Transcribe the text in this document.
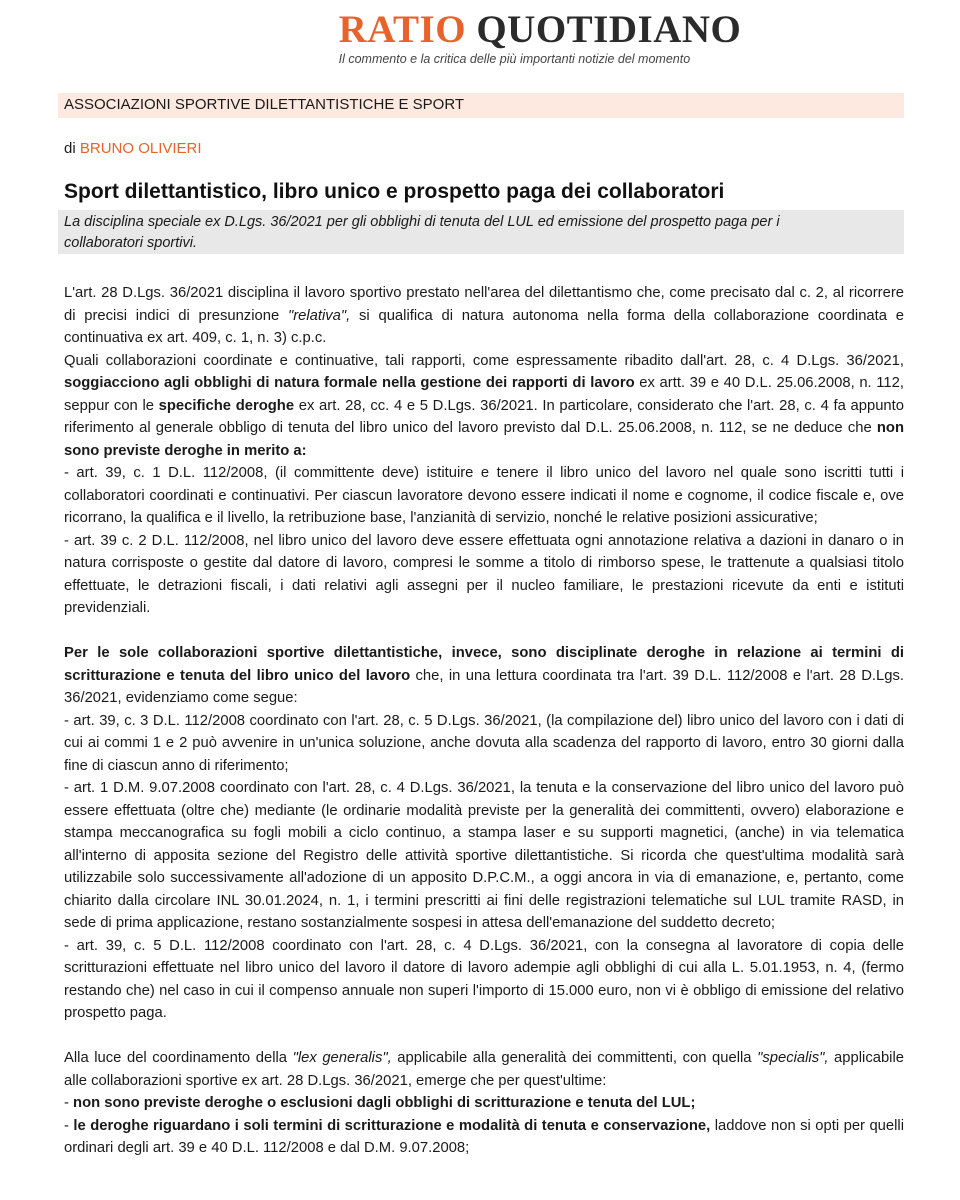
RATIO QUOTIDIANO
Il commento e la critica delle più importanti notizie del momento
ASSOCIAZIONI SPORTIVE DILETTANTISTICHE E SPORT
di BRUNO OLIVIERI
Sport dilettantistico, libro unico e prospetto paga dei collaboratori
La disciplina speciale ex D.Lgs. 36/2021 per gli obblighi di tenuta del LUL ed emissione del prospetto paga per i collaboratori sportivi.

L'art. 28 D.Lgs. 36/2021 disciplina il lavoro sportivo prestato nell'area del dilettantismo che, come precisato dal c. 2, al ricorrere di precisi indici di presunzione "relativa", si qualifica di natura autonoma nella forma della collaborazione coordinata e continuativa ex art. 409, c. 1, n. 3) c.p.c.

Quali collaborazioni coordinate e continuative, tali rapporti, come espressamente ribadito dall'art. 28, c. 4 D.Lgs. 36/2021, soggiacciono agli obblighi di natura formale nella gestione dei rapporti di lavoro ex artt. 39 e 40 D.L. 25.06.2008, n. 112, seppur con le specifiche deroghe ex art. 28, cc. 4 e 5 D.Lgs. 36/2021. In particolare, considerato che l'art. 28, c. 4 fa appunto riferimento al generale obbligo di tenuta del libro unico del lavoro previsto dal D.L. 25.06.2008, n. 112, se ne deduce che non sono previste deroghe in merito a:

- art. 39, c. 1 D.L. 112/2008, (il committente deve) istituire e tenere il libro unico del lavoro nel quale sono iscritti tutti i collaboratori coordinati e continuativi. Per ciascun lavoratore devono essere indicati il nome e cognome, il codice fiscale e, ove ricorrano, la qualifica e il livello, la retribuzione base, l'anzianità di servizio, nonché le relative posizioni assicurative;

- art. 39 c. 2 D.L. 112/2008, nel libro unico del lavoro deve essere effettuata ogni annotazione relativa a dazioni in danaro o in natura corrisposte o gestite dal datore di lavoro, compresi le somme a titolo di rimborso spese, le trattenute a qualsiasi titolo effettuate, le detrazioni fiscali, i dati relativi agli assegni per il nucleo familiare, le prestazioni ricevute da enti e istituti previdenziali.

Per le sole collaborazioni sportive dilettantistiche, invece, sono disciplinate deroghe in relazione ai termini di scritturazione e tenuta del libro unico del lavoro che, in una lettura coordinata tra l'art. 39 D.L. 112/2008 e l'art. 28 D.Lgs. 36/2021, evidenziamo come segue:

- art. 39, c. 3 D.L. 112/2008 coordinato con l'art. 28, c. 5 D.Lgs. 36/2021, (la compilazione del) libro unico del lavoro con i dati di cui ai commi 1 e 2 può avvenire in un'unica soluzione, anche dovuta alla scadenza del rapporto di lavoro, entro 30 giorni dalla fine di ciascun anno di riferimento;

- art. 1 D.M. 9.07.2008 coordinato con l'art. 28, c. 4 D.Lgs. 36/2021, la tenuta e la conservazione del libro unico del lavoro può essere effettuata (oltre che) mediante (le ordinarie modalità previste per la generalità dei committenti, ovvero) elaborazione e stampa meccanografica su fogli mobili a ciclo continuo, a stampa laser e su supporti magnetici, (anche) in via telematica all'interno di apposita sezione del Registro delle attività sportive dilettantistiche. Si ricorda che quest'ultima modalità sarà utilizzabile solo successivamente all'adozione di un apposito D.P.C.M., a oggi ancora in via di emanazione, e, pertanto, come chiarito dalla circolare INL 30.01.2024, n. 1, i termini prescritti ai fini delle registrazioni telematiche sul LUL tramite RASD, in sede di prima applicazione, restano sostanzialmente sospesi in attesa dell'emanazione del suddetto decreto;

- art. 39, c. 5 D.L. 112/2008 coordinato con l'art. 28, c. 4 D.Lgs. 36/2021, con la consegna al lavoratore di copia delle scritturazioni effettuate nel libro unico del lavoro il datore di lavoro adempie agli obblighi di cui alla L. 5.01.1953, n. 4, (fermo restando che) nel caso in cui il compenso annuale non superi l'importo di 15.000 euro, non vi è obbligo di emissione del relativo prospetto paga.

Alla luce del coordinamento della "lex generalis", applicabile alla generalità dei committenti, con quella "specialis", applicabile alle collaborazioni sportive ex art. 28 D.Lgs. 36/2021, emerge che per quest'ultime:

- non sono previste deroghe o esclusioni dagli obblighi di scritturazione e tenuta del LUL;

- le deroghe riguardano i soli termini di scritturazione e modalità di tenuta e conservazione, laddove non si opti per quelli ordinari degli art. 39 e 40 D.L. 112/2008 e dal D.M. 9.07.2008;
